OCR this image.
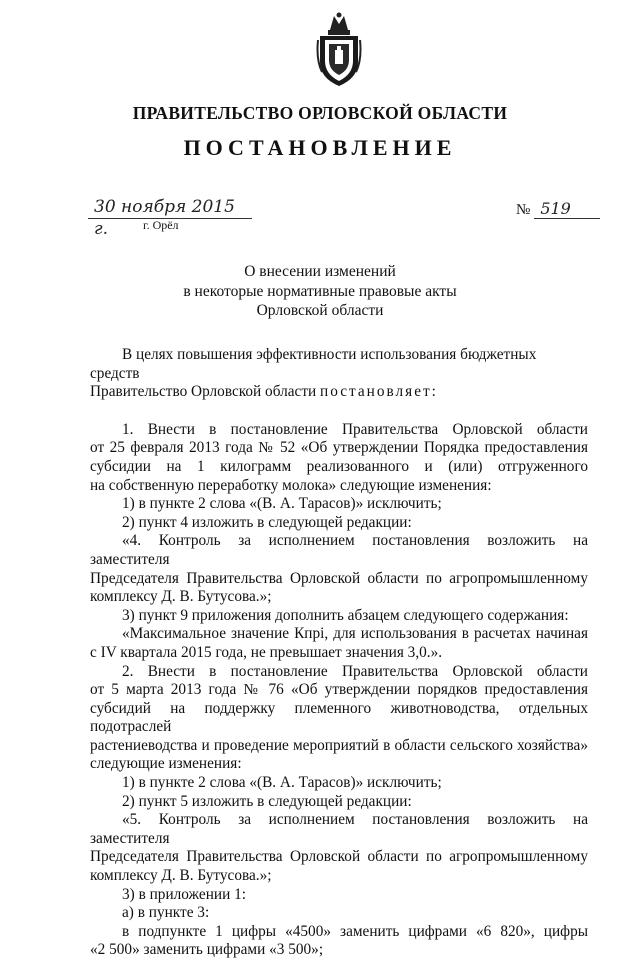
ПРАВИТЕЛЬСТВО ОРЛОВСКОЙ ОБЛАСТИ
ПОСТАНОВЛЕНИЕ
30 ноября 2015 г.	г. Орёл
№ 519
О внесении изменений
в некоторые нормативные правовые акты
Орловской области

В целях повышения эффективности использования бюджетных средств

Правительство Орловской области постановляет:

1. Внести в постановление Правительства Орловской области

от 25 февраля 2013 года № 52 «Об утверждении Порядка предоставления

субсидии на 1 килограмм реализованного и (или) отгруженного

на собственную переработку молока» следующие изменения:

1) в пункте 2 слова «(В. А. Тарасов)» исключить;

2) пункт 4 изложить в следующей редакции:

«4. Контроль за исполнением постановления возложить на заместителя

Председателя Правительства Орловской области по агропромышленному

комплексу Д. В. Бутусова.»;

3) пункт 9 приложения дополнить абзацем следующего содержания:

«Максимальное значение Кпрі, для использования в расчетах начиная

с IV квартала 2015 года, не превышает значения 3,0.».

2. Внести в постановление Правительства Орловской области

от 5 марта 2013 года № 76 «Об утверждении порядков предоставления

субсидий на поддержку племенного животноводства, отдельных подотраслей

растениеводства и проведение мероприятий в области сельского хозяйства»

следующие изменения:

1) в пункте 2 слова «(В. А. Тарасов)» исключить;

2) пункт 5 изложить в следующей редакции:

«5. Контроль за исполнением постановления возложить на заместителя

Председателя Правительства Орловской области по агропромышленному

комплексу Д. В. Бутусова.»;

3) в приложении 1:

а) в пункте 3:

в подпункте 1 цифры «4500» заменить цифрами «6 820», цифры

«2 500» заменить цифрами «3 500»;
